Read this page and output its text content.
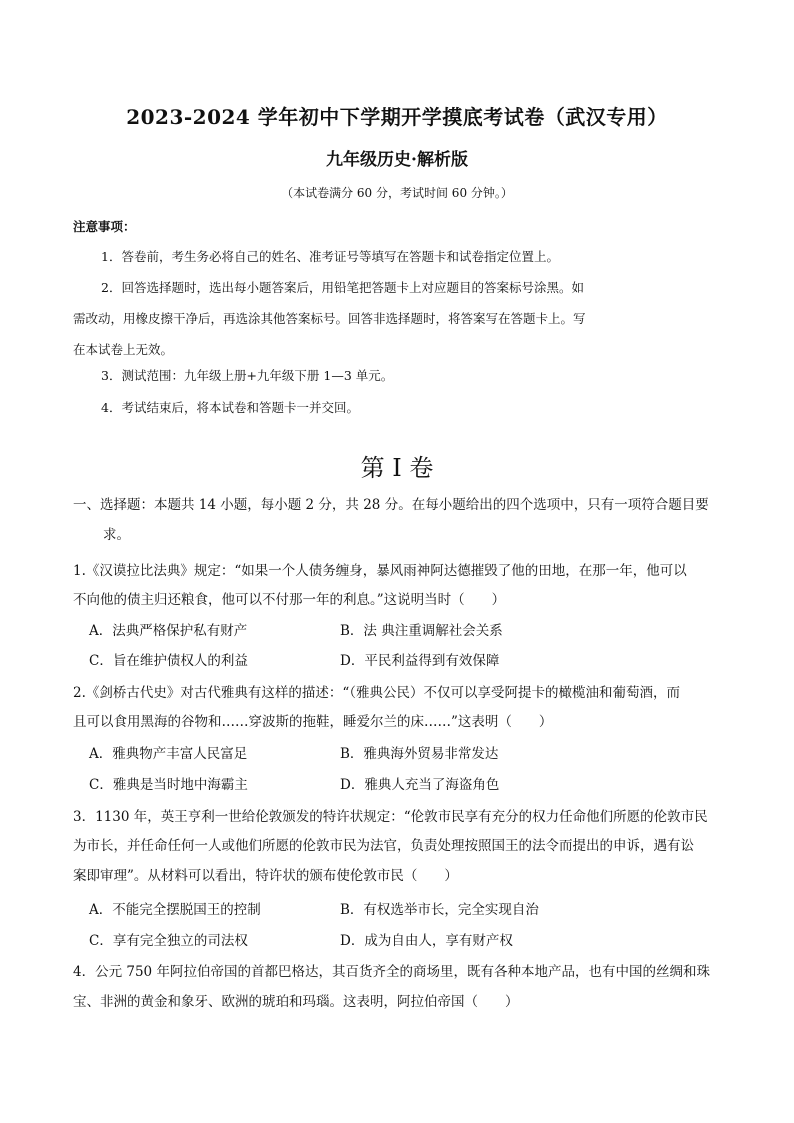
2023-2024 学年初中下学期开学摸底考试卷（武汉专用）
九年级历史·解析版
（本试卷满分 60 分，考试时间 60 分钟。）
注意事项：
1．答卷前，考生务必将自己的姓名、准考证号等填写在答题卡和试卷指定位置上。
2．回答选择题时，选出每小题答案后，用铅笔把答题卡上对应题目的答案标号涂黑。如
需改动，用橡皮擦干净后，再选涂其他答案标号。回答非选择题时，将答案写在答题卡上。写
在本试卷上无效。
3．测试范围：九年级上册+九年级下册 1—3 单元。
4．考试结束后，将本试卷和答题卡一并交回。
第 I 卷
一、选择题：本题共 14 小题，每小题 2 分，共 28 分。在每小题给出的四个选项中，只有一项符合题目要
求。
1.《汉谟拉比法典》规定：“如果一个人债务缠身，暴风雨神阿达德摧毁了他的田地，在那一年，他可以
不向他的债主归还粮食，他可以不付那一年的利息。”这说明当时（　　）
A．法典严格保护私有财产	B．法 典注重调解社会关系
C．旨在维护债权人的利益	D．平民利益得到有效保障
2.《剑桥古代史》对古代雅典有这样的描述：“（雅典公民）不仅可以享受阿提卡的橄榄油和葡萄酒，而
且可以食用黑海的谷物和……穿波斯的拖鞋，睡爱尔兰的床……”这表明（　　）
A．雅典物产丰富人民富足	B．雅典海外贸易非常发达
C．雅典是当时地中海霸主	D．雅典人充当了海盗角色
3．1130 年，英王亨利一世给伦敦颁发的特许状规定：“伦敦市民享有充分的权力任命他们所愿的伦敦市民
为市长，并任命任何一人或他们所愿的伦敦市民为法官，负责处理按照国王的法令而提出的申诉，遇有讼
案即审理”。从材料可以看出，特许状的颁布使伦敦市民（　　）
A．不能完全摆脱国王的控制	B．有权选举市长，完全实现自治
C．享有完全独立的司法权	D．成为自由人，享有财产权
4．公元 750 年阿拉伯帝国的首都巴格达，其百货齐全的商场里，既有各种本地产品，也有中国的丝绸和珠
宝、非洲的黄金和象牙、欧洲的琥珀和玛瑙。这表明，阿拉伯帝国（　　）
